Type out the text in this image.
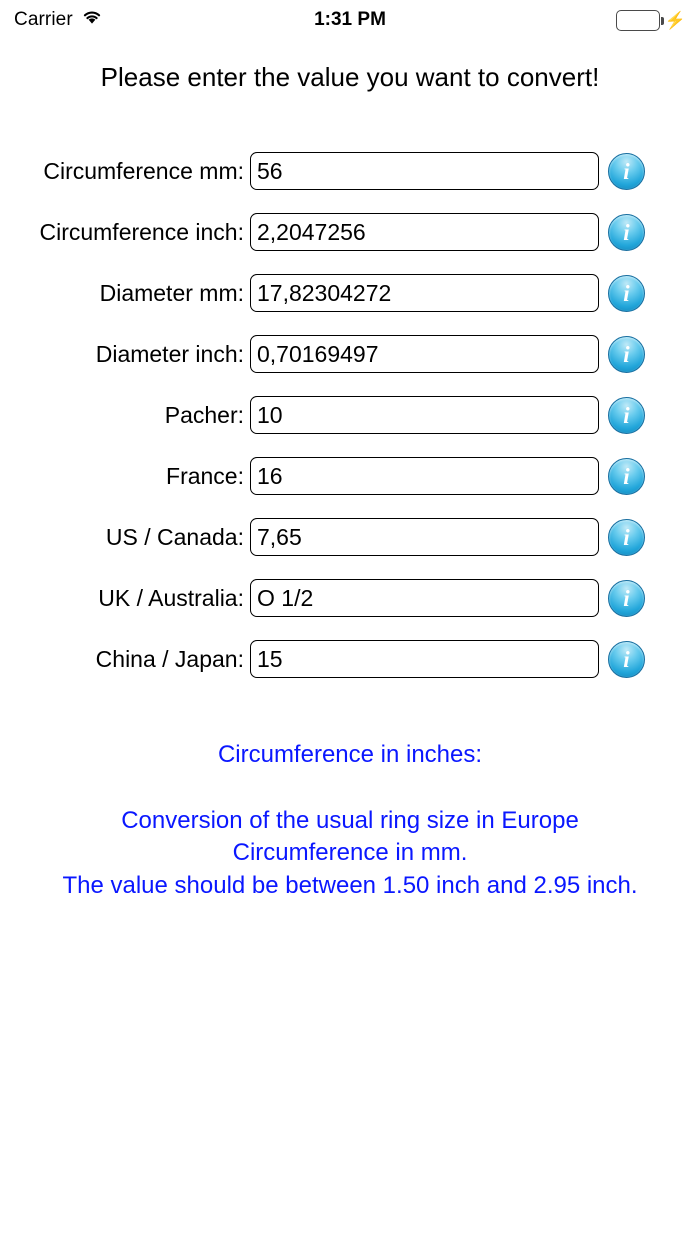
Carrier	1:31 PM	⚡
Please enter the value you want to convert!
Circumference mm:
56	i
Circumference inch:
2,2047256	i
Diameter mm:
17,82304272	i
Diameter inch:
0,70169497	i
Pacher:
10	i
France:
16	i
US / Canada:
7,65	i
UK / Australia:
O 1/2	i
China / Japan:
15	i
Circumference in inches:
Conversion of the usual ring size in Europe
Circumference in mm.
The value should be between 1.50 inch and 2.95 inch.
